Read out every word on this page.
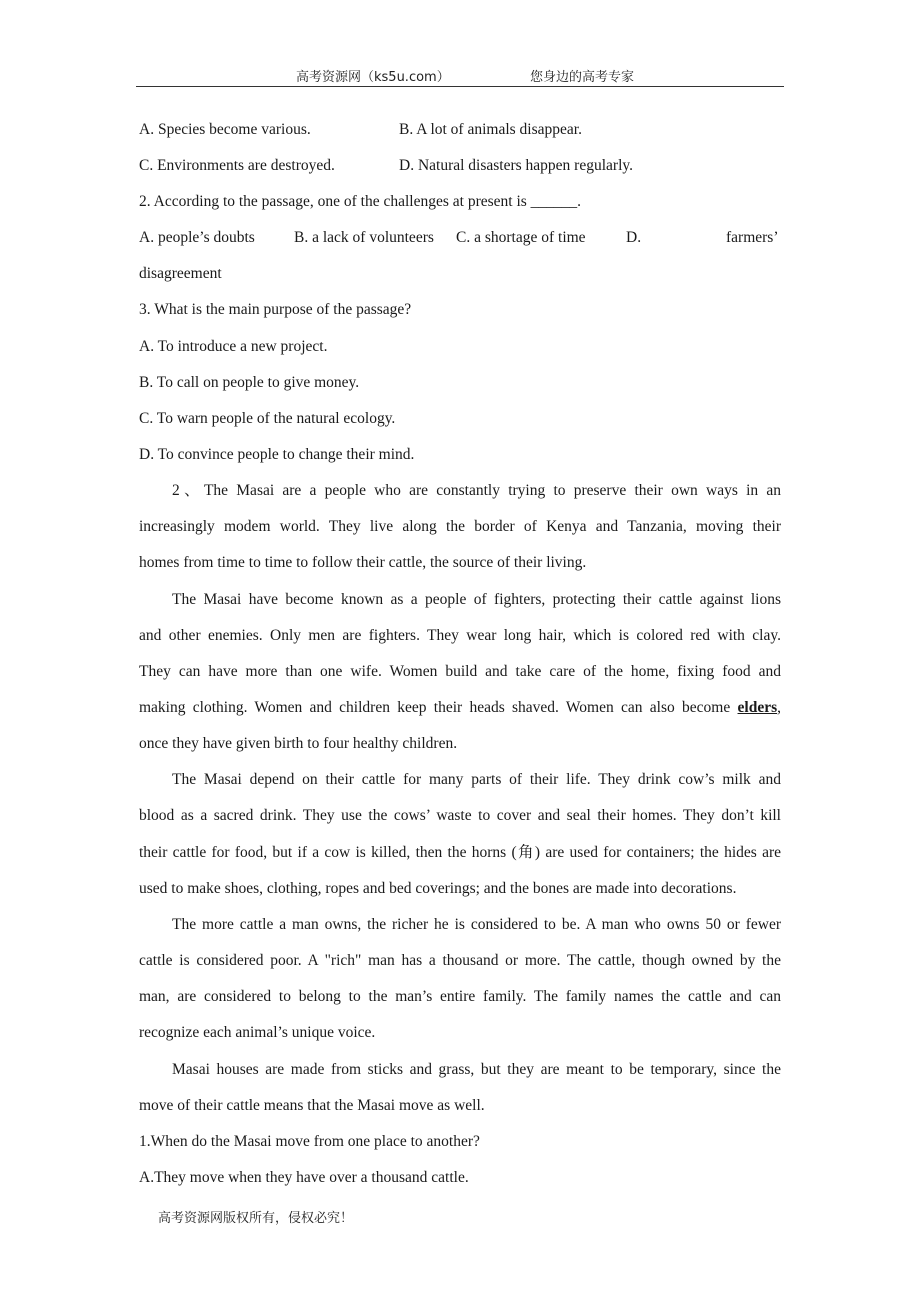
高考资源网（ks5u.com）	您身边的高考专家
A. Species become various.	B. A lot of animals disappear.
C. Environments are destroyed.	D. Natural disasters happen regularly.
2. According to the passage, one of the challenges at present is ______.
A. people’s doubts	B. a lack of volunteers C. a shortage of time	D.	farmers’
disagreement
3. What is the main purpose of the passage?
A. To introduce a new project.
B. To call on people to give money.
C. To warn people of the natural ecology.
D. To convince people to change their mind.
2、The Masai are a people who are constantly trying to preserve their own ways in an
increasingly modem world. They live along the border of Kenya and Tanzania, moving their
homes from time to time to follow their cattle, the source of their living.
The Masai have become known as a people of fighters, protecting their cattle against lions
and other enemies. Only men are fighters. They wear long hair, which is colored red with clay.
They can have more than one wife. Women build and take care of the home, fixing food and
making clothing. Women and children keep their heads shaved. Women can also become elders,
once they have given birth to four healthy children.
The Masai depend on their cattle for many parts of their life. They drink cow’s milk and
blood as a sacred drink. They use the cows’ waste to cover and seal their homes. They don’t kill
their cattle for food, but if a cow is killed, then the horns (角) are used for containers; the hides are
used to make shoes, clothing, ropes and bed coverings; and the bones are made into decorations.
The more cattle a man owns, the richer he is considered to be. A man who owns 50 or fewer
cattle is considered poor. A "rich" man has a thousand or more. The cattle, though owned by the
man, are considered to belong to the man’s entire family. The family names the cattle and can
recognize each animal’s unique voice.
Masai houses are made from sticks and grass, but they are meant to be temporary, since the
move of their cattle means that the Masai move as well.
1.When do the Masai move from one place to another?
A.They move when they have over a thousand cattle.
高考资源网版权所有，侵权必究！
